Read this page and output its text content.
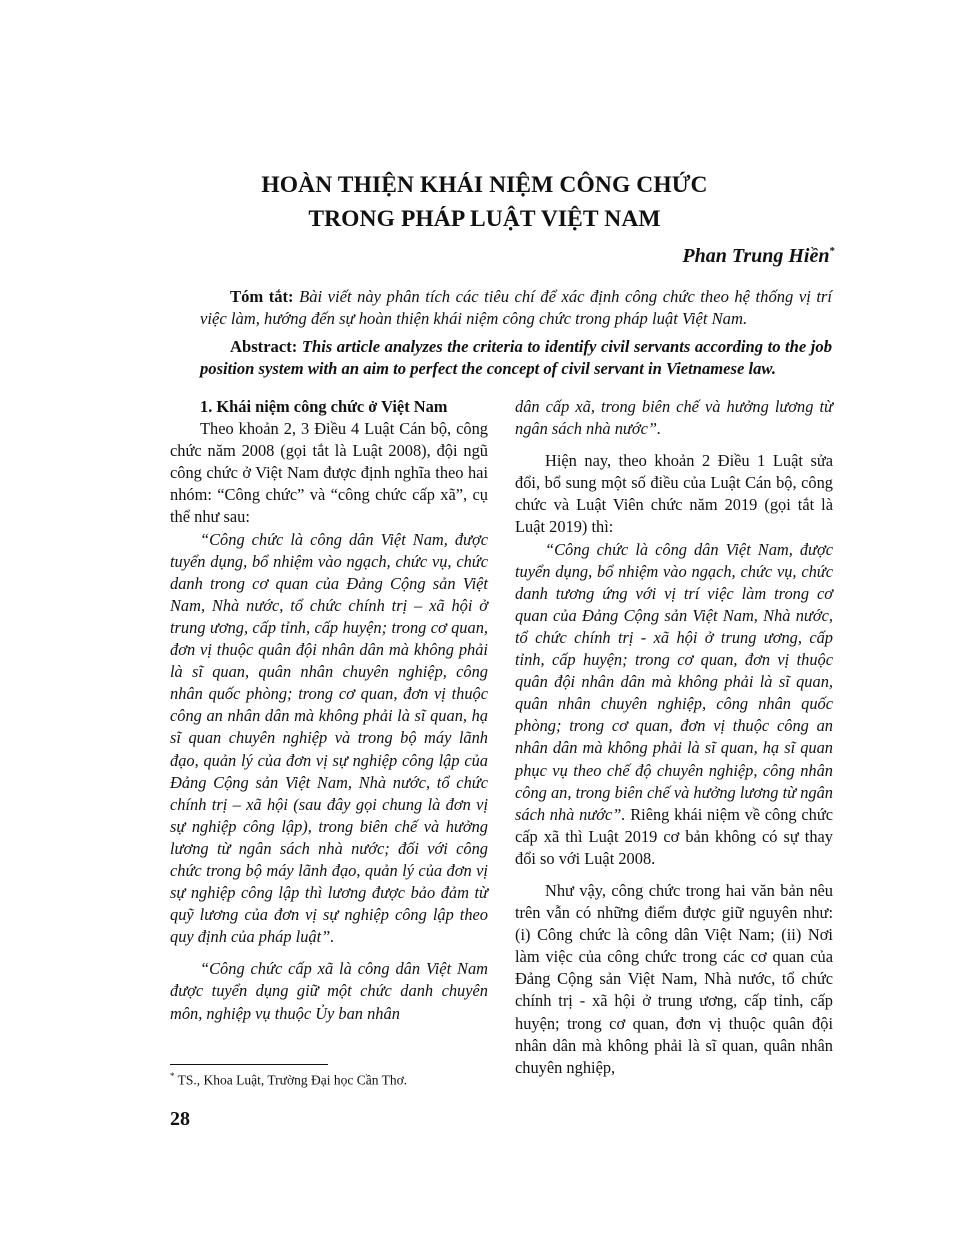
HOÀN THIỆN KHÁI NIỆM CÔNG CHỨC
TRONG PHÁP LUẬT VIỆT NAM
Phan Trung Hiền*
Tóm tắt: Bài viết này phân tích các tiêu chí để xác định công chức theo hệ thống vị trí việc làm, hướng đến sự hoàn thiện khái niệm công chức trong pháp luật Việt Nam.
Abstract: This article analyzes the criteria to identify civil servants according to the job position system with an aim to perfect the concept of civil servant in Vietnamese law.

1. Khái niệm công chức ở Việt Nam

Theo khoản 2, 3 Điều 4 Luật Cán bộ, công chức năm 2008 (gọi tắt là Luật 2008), đội ngũ công chức ở Việt Nam được định nghĩa theo hai nhóm: “Công chức” và “công chức cấp xã”, cụ thể như sau:

“Công chức là công dân Việt Nam, được tuyển dụng, bổ nhiệm vào ngạch, chức vụ, chức danh trong cơ quan của Đảng Cộng sản Việt Nam, Nhà nước, tổ chức chính trị – xã hội ở trung ương, cấp tỉnh, cấp huyện; trong cơ quan, đơn vị thuộc quân đội nhân dân mà không phải là sĩ quan, quân nhân chuyên nghiệp, công nhân quốc phòng; trong cơ quan, đơn vị thuộc công an nhân dân mà không phải là sĩ quan, hạ sĩ quan chuyên nghiệp và trong bộ máy lãnh đạo, quản lý của đơn vị sự nghiệp công lập của Đảng Cộng sản Việt Nam, Nhà nước, tổ chức chính trị – xã hội (sau đây gọi chung là đơn vị sự nghiệp công lập), trong biên chế và hưởng lương từ ngân sách nhà nước; đối với công chức trong bộ máy lãnh đạo, quản lý của đơn vị sự nghiệp công lập thì lương được bảo đảm từ quỹ lương của đơn vị sự nghiệp công lập theo quy định của pháp luật”.

“Công chức cấp xã là công dân Việt Nam được tuyển dụng giữ một chức danh chuyên môn, nghiệp vụ thuộc Ủy ban nhân

dân cấp xã, trong biên chế và hưởng lương từ ngân sách nhà nước”.

Hiện nay, theo khoản 2 Điều 1 Luật sửa đổi, bổ sung một số điều của Luật Cán bộ, công chức và Luật Viên chức năm 2019 (gọi tắt là Luật 2019) thì:

“Công chức là công dân Việt Nam, được tuyển dụng, bổ nhiệm vào ngạch, chức vụ, chức danh tương ứng với vị trí việc làm trong cơ quan của Đảng Cộng sản Việt Nam, Nhà nước, tổ chức chính trị - xã hội ở trung ương, cấp tỉnh, cấp huyện; trong cơ quan, đơn vị thuộc quân đội nhân dân mà không phải là sĩ quan, quân nhân chuyên nghiệp, công nhân quốc phòng; trong cơ quan, đơn vị thuộc công an nhân dân mà không phải là sĩ quan, hạ sĩ quan phục vụ theo chế độ chuyên nghiệp, công nhân công an, trong biên chế và hưởng lương từ ngân sách nhà nước”. Riêng khái niệm về công chức cấp xã thì Luật 2019 cơ bản không có sự thay đổi so với Luật 2008.

Như vậy, công chức trong hai văn bản nêu trên vẫn có những điểm được giữ nguyên như: (i) Công chức là công dân Việt Nam; (ii) Nơi làm việc của công chức trong các cơ quan của Đảng Cộng sản Việt Nam, Nhà nước, tổ chức chính trị - xã hội ở trung ương, cấp tỉnh, cấp huyện; trong cơ quan, đơn vị thuộc quân đội nhân dân mà không phải là sĩ quan, quân nhân chuyên nghiệp,

* TS., Khoa Luật, Trường Đại học Cần Thơ.
28
